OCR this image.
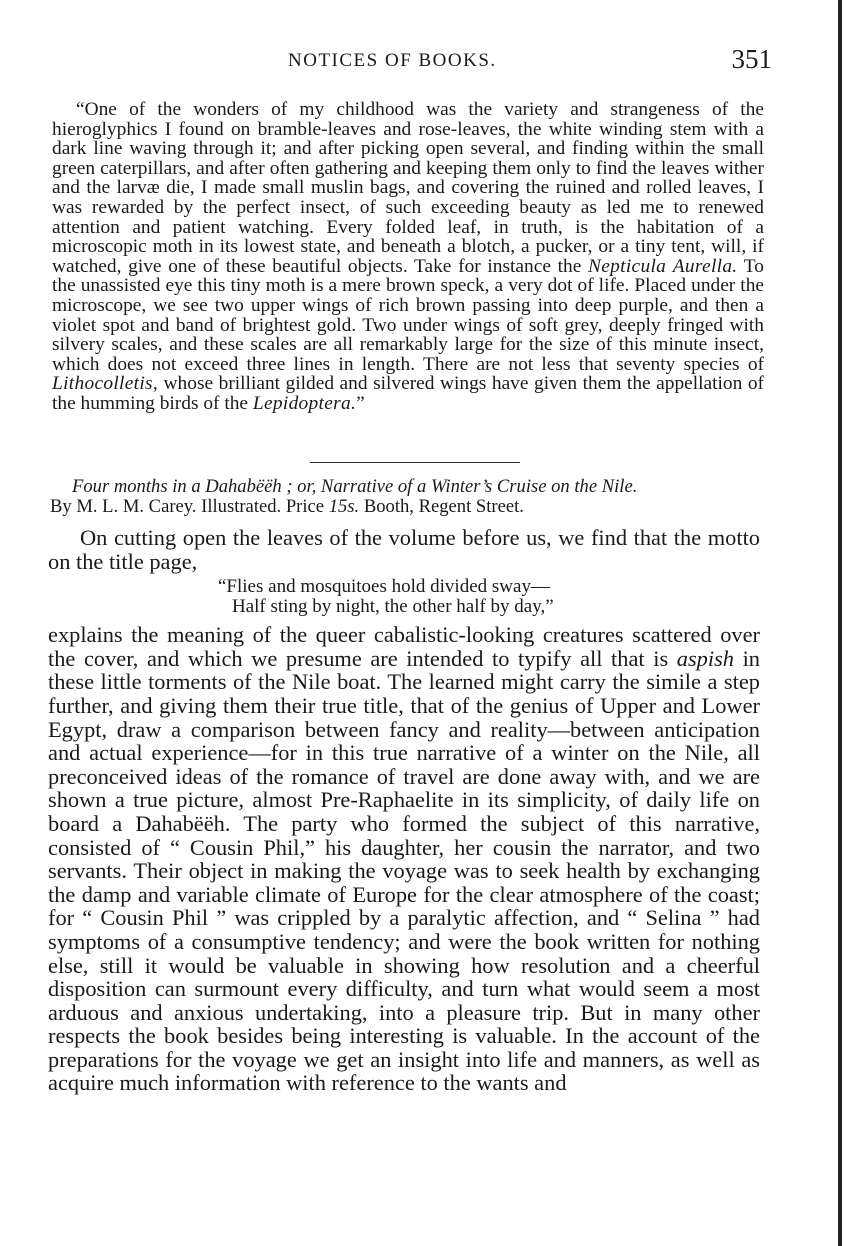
NOTICES OF BOOKS.	351

“One of the wonders of my childhood was the variety and strangeness of the hieroglyphics I found on bramble-leaves and rose-leaves, the white winding stem with a dark line waving through it; and after picking open several, and finding within the small green caterpillars, and after often gathering and keeping them only to find the leaves wither and the larvæ die, I made small muslin bags, and covering the ruined and rolled leaves, I was rewarded by the perfect insect, of such exceeding beauty as led me to renewed attention and patient watching. Every folded leaf, in truth, is the habitation of a microscopic moth in its lowest state, and beneath a blotch, a pucker, or a tiny tent, will, if watched, give one of these beautiful objects. Take for instance the Nepticula Aurella. To the unassisted eye this tiny moth is a mere brown speck, a very dot of life. Placed under the microscope, we see two upper wings of rich brown passing into deep purple, and then a violet spot and band of brightest gold. Two under wings of soft grey, deeply fringed with silvery scales, and these scales are all remarkably large for the size of this minute insect, which does not exceed three lines in length. There are not less that seventy species of Lithocolletis, whose brilliant gilded and silvered wings have given them the appellation of the humming birds of the Lepidoptera.”

Four months in a Dahabëëh ; or, Narrative of a Winter’s Cruise on the Nile.
By M. L. M. Carey. Illustrated. Price 15s. Booth, Regent Street.

On cutting open the leaves of the volume before us, we find that the motto on the title page,

“Flies and mosquitoes hold divided sway—
Half sting by night, the other half by day,”

explains the meaning of the queer cabalistic-looking creatures scattered over the cover, and which we presume are intended to typify all that is aspish in these little torments of the Nile boat. The learned might carry the simile a step further, and giving them their true title, that of the genius of Upper and Lower Egypt, draw a comparison between fancy and reality—between anticipation and actual experience—for in this true narrative of a winter on the Nile, all preconceived ideas of the romance of travel are done away with, and we are shown a true picture, almost Pre-Raphaelite in its simplicity, of daily life on board a Dahabëëh. The party who formed the subject of this narrative, consisted of “ Cousin Phil,” his daughter, her cousin the narrator, and two servants. Their object in making the voyage was to seek health by exchanging the damp and variable climate of Europe for the clear atmosphere of the coast; for “ Cousin Phil ” was crippled by a paralytic affection, and “ Selina ” had symptoms of a consumptive tendency; and were the book written for nothing else, still it would be valuable in showing how resolution and a cheerful disposition can surmount every difficulty, and turn what would seem a most arduous and anxious undertaking, into a pleasure trip. But in many other respects the book besides being interesting is valuable. In the account of the preparations for the voyage we get an insight into life and manners, as well as acquire much information with reference to the wants and
